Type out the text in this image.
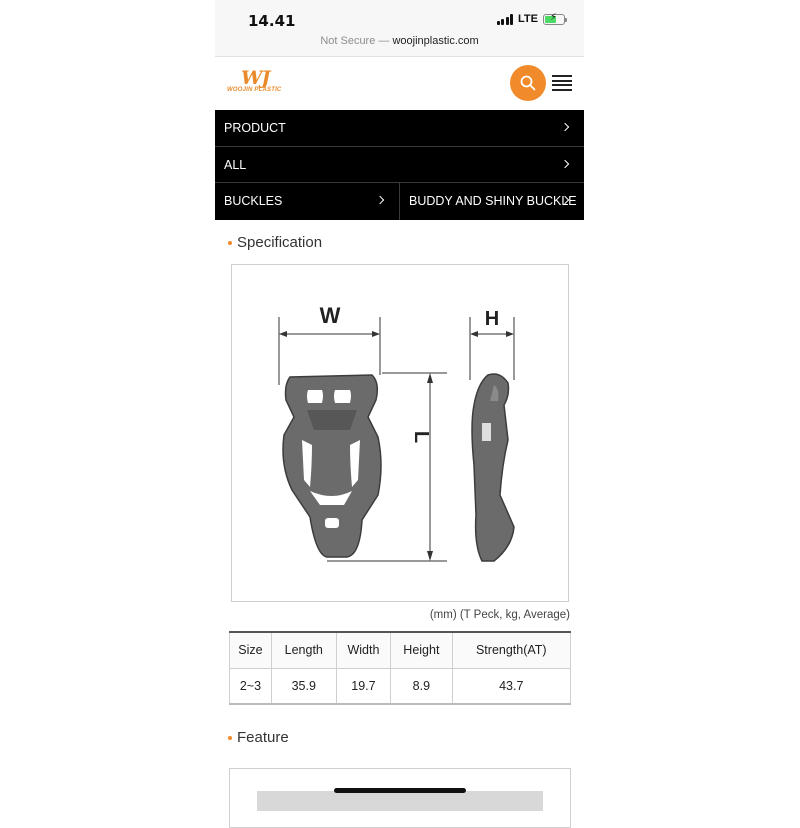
14.41	LTE ⚡
Not Secure — woojinplastic.com
WJ
WOOJIN PLASTIC
PRODUCT
ALL
BUCKLES	BUDDY AND SHINY BUCKLE
Specification
W	H
L
(mm) (T Peck, kg, Average)
Size	Length	Width	Height	Strength(AT)
2~3	35.9	19.7	8.9	43.7
Feature
